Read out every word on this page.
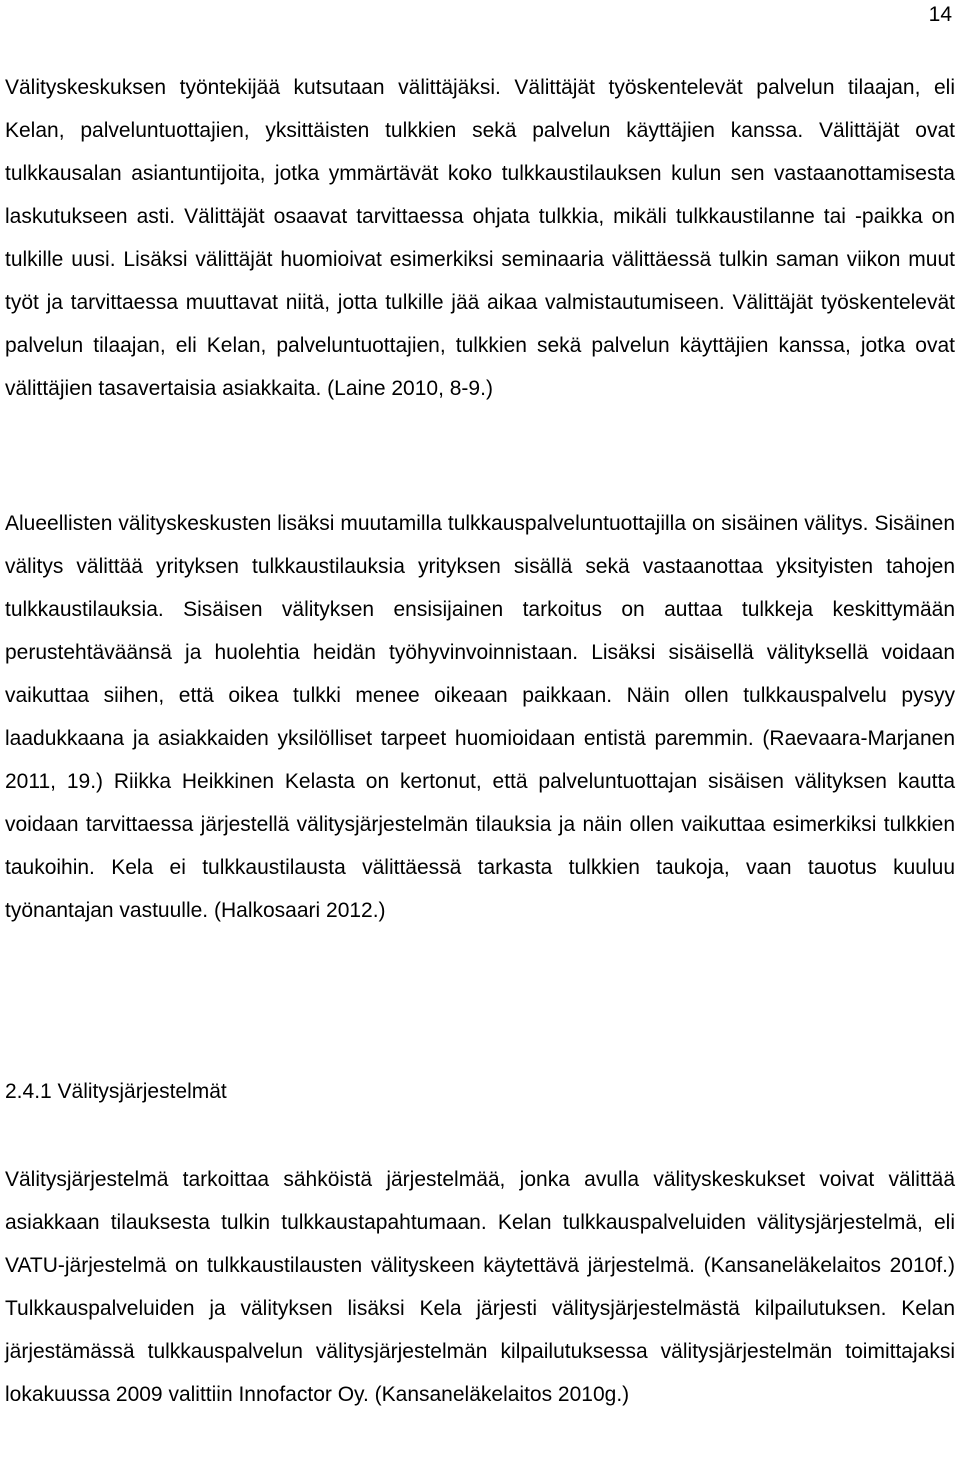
14

Välityskeskuksen työntekijää kutsutaan välittäjäksi. Välittäjät työskentelevät palvelun tilaajan, eli Kelan, palveluntuottajien, yksittäisten tulkkien sekä palvelun käyttäjien kanssa. Välittäjät ovat tulkkausalan asiantuntijoita, jotka ymmärtävät koko tulkkaustilauksen kulun sen vastaanottamisesta laskutukseen asti. Välittäjät osaavat tarvittaessa ohjata tulkkia, mikäli tulkkaustilanne tai -paikka on tulkille uusi. Lisäksi välittäjät huomioivat esimerkiksi seminaaria välittäessä tulkin saman viikon muut työt ja tarvittaessa muuttavat niitä, jotta tulkille jää aikaa valmistautumiseen. Välittäjät työskentelevät palvelun tilaajan, eli Kelan, palveluntuottajien, tulkkien sekä palvelun käyttäjien kanssa, jotka ovat välittäjien tasavertaisia asiakkaita. (Laine 2010, 8-9.)

Alueellisten välityskeskusten lisäksi muutamilla tulkkauspalveluntuottajilla on sisäinen välitys. Sisäinen välitys välittää yrityksen tulkkaustilauksia yrityksen sisällä sekä vastaanottaa yksityisten tahojen tulkkaustilauksia. Sisäisen välityksen ensisijainen tarkoitus on auttaa tulkkeja keskittymään perustehtäväänsä ja huolehtia heidän työhyvinvoinnistaan. Lisäksi sisäisellä välityksellä voidaan vaikuttaa siihen, että oikea tulkki menee oikeaan paikkaan. Näin ollen tulkkauspalvelu pysyy laadukkaana ja asiakkaiden yksilölliset tarpeet huomioidaan entistä paremmin. (Raevaara-Marjanen 2011, 19.) Riikka Heikkinen Kelasta on kertonut, että palveluntuottajan sisäisen välityksen kautta voidaan tarvittaessa järjestellä välitysjärjestelmän tilauksia ja näin ollen vaikuttaa esimerkiksi tulkkien taukoihin. Kela ei tulkkaustilausta välittäessä tarkasta tulkkien taukoja, vaan tauotus kuuluu työnantajan vastuulle. (Halkosaari 2012.)

2.4.1 Välitysjärjestelmät

Välitysjärjestelmä tarkoittaa sähköistä järjestelmää, jonka avulla välityskeskukset voivat välittää asiakkaan tilauksesta tulkin tulkkaustapahtumaan. Kelan tulkkauspalveluiden välitysjärjestelmä, eli VATU-järjestelmä on tulkkaustilausten välityskeen käytettävä järjestelmä. (Kansaneläkelaitos 2010f.) Tulkkauspalveluiden ja välityksen lisäksi Kela järjesti välitysjärjestelmästä kilpailutuksen. Kelan järjestämässä tulkkauspalvelun välitysjärjestelmän kilpailutuksessa välitysjärjestelmän toimittajaksi lokakuussa 2009 valittiin Innofactor Oy. (Kansaneläkelaitos 2010g.)
